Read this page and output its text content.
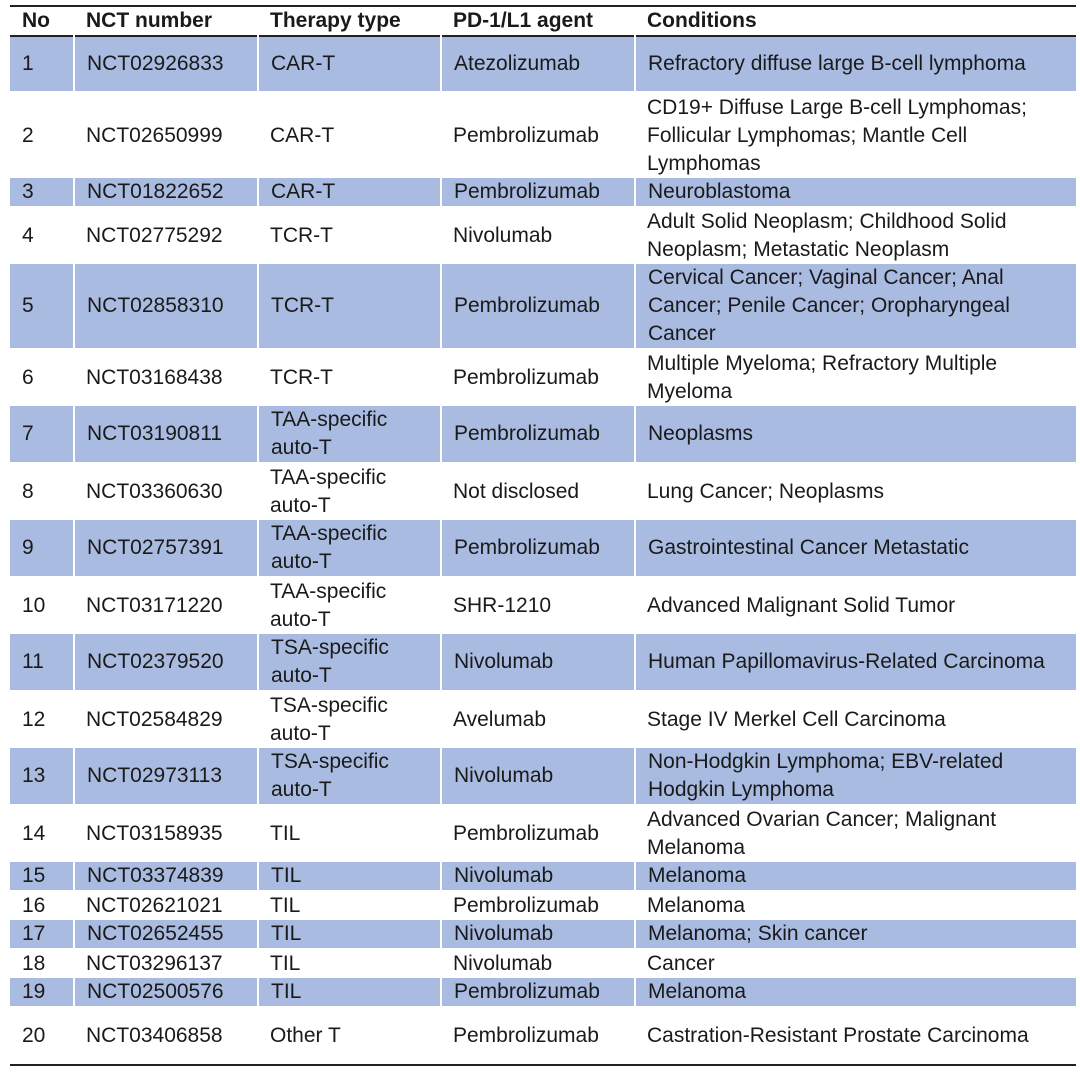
No	NCT number	Therapy type	PD-1/L1 agent	Conditions
1	NCT02926833	CAR-T	Atezolizumab	Refractory diffuse large B-cell lymphoma
2	NCT02650999	CAR-T	Pembrolizumab	CD19+ Diffuse Large B-cell Lymphomas; Follicular Lymphomas; Mantle Cell Lymphomas
3	NCT01822652	CAR-T	Pembrolizumab	Neuroblastoma
4	NCT02775292	TCR-T	Nivolumab	Adult Solid Neoplasm; Childhood Solid Neoplasm; Metastatic Neoplasm
5	NCT02858310	TCR-T	Pembrolizumab	Cervical Cancer; Vaginal Cancer; Anal Cancer; Penile Cancer; Oropharyngeal Cancer
6	NCT03168438	TCR-T	Pembrolizumab	Multiple Myeloma; Refractory Multiple Myeloma
7	NCT03190811	TAA-specific auto-T	Pembrolizumab	Neoplasms
8	NCT03360630	TAA-specific auto-T	Not disclosed	Lung Cancer; Neoplasms
9	NCT02757391	TAA-specific auto-T	Pembrolizumab	Gastrointestinal Cancer Metastatic
10	NCT03171220	TAA-specific auto-T	SHR-1210	Advanced Malignant Solid Tumor
11	NCT02379520	TSA-specific auto-T	Nivolumab	Human Papillomavirus-Related Carcinoma
12	NCT02584829	TSA-specific auto-T	Avelumab	Stage IV Merkel Cell Carcinoma
13	NCT02973113	TSA-specific auto-T	Nivolumab	Non-Hodgkin Lymphoma; EBV-related Hodgkin Lymphoma
14	NCT03158935	TIL	Pembrolizumab	Advanced Ovarian Cancer; Malignant Melanoma
15	NCT03374839	TIL	Nivolumab	Melanoma
16	NCT02621021	TIL	Pembrolizumab	Melanoma
17	NCT02652455	TIL	Nivolumab	Melanoma; Skin cancer
18	NCT03296137	TIL	Nivolumab	Cancer
19	NCT02500576	TIL	Pembrolizumab	Melanoma
20	NCT03406858	Other T	Pembrolizumab	Castration-Resistant Prostate Carcinoma
